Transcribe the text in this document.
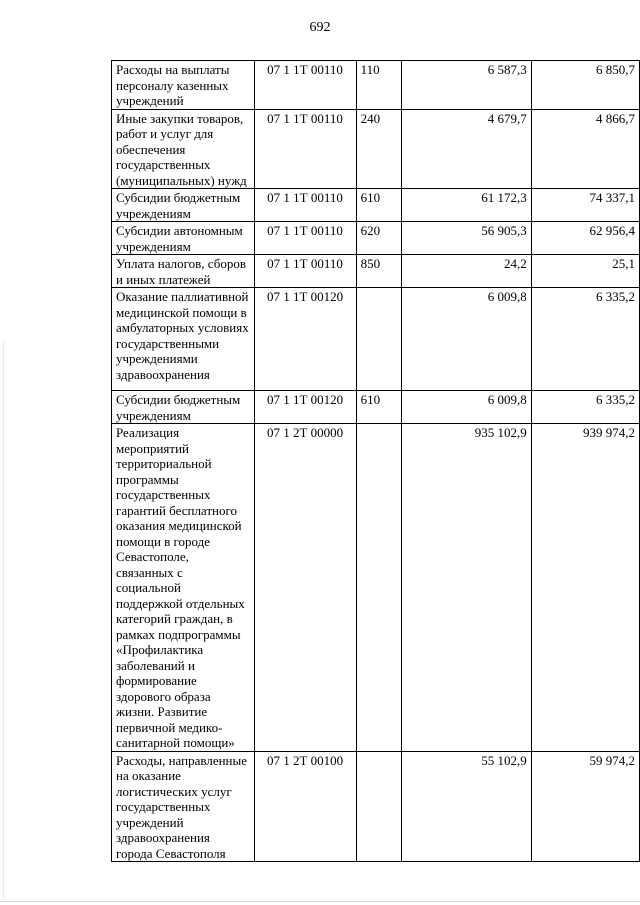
692
Расходы на выплаты персоналу казенных учреждений	07 1 1Т 00110	110	6 587,3	6 850,7
Иные закупки товаров, работ и услуг для обеспечения государственных (муниципальных) нужд	07 1 1Т 00110	240	4 679,7	4 866,7
Субсидии бюджетным учреждениям	07 1 1Т 00110	610	61 172,3	74 337,1
Субсидии автономным учреждениям	07 1 1Т 00110	620	56 905,3	62 956,4
Уплата налогов, сборов и иных платежей	07 1 1Т 00110	850	24,2	25,1
Оказание паллиативной медицинской помощи в амбулаторных условиях государственными учреждениями здравоохранения	07 1 1Т 00120		6 009,8	6 335,2
Субсидии бюджетным учреждениям	07 1 1Т 00120	610	6 009,8	6 335,2
Реализация мероприятий территориальной программы государственных гарантий бесплатного оказания медицинской помощи в городе Севастополе, связанных с социальной поддержкой отдельных категорий граждан, в рамках подпрограммы «Профилактика заболеваний и формирование здорового образа жизни. Развитие первичной медико-санитарной помощи»	07 1 2Т 00000		935 102,9	939 974,2
Расходы, направленные на оказание логистических услуг государственных учреждений здравоохранения города Севастополя	07 1 2Т 00100		55 102,9	59 974,2
